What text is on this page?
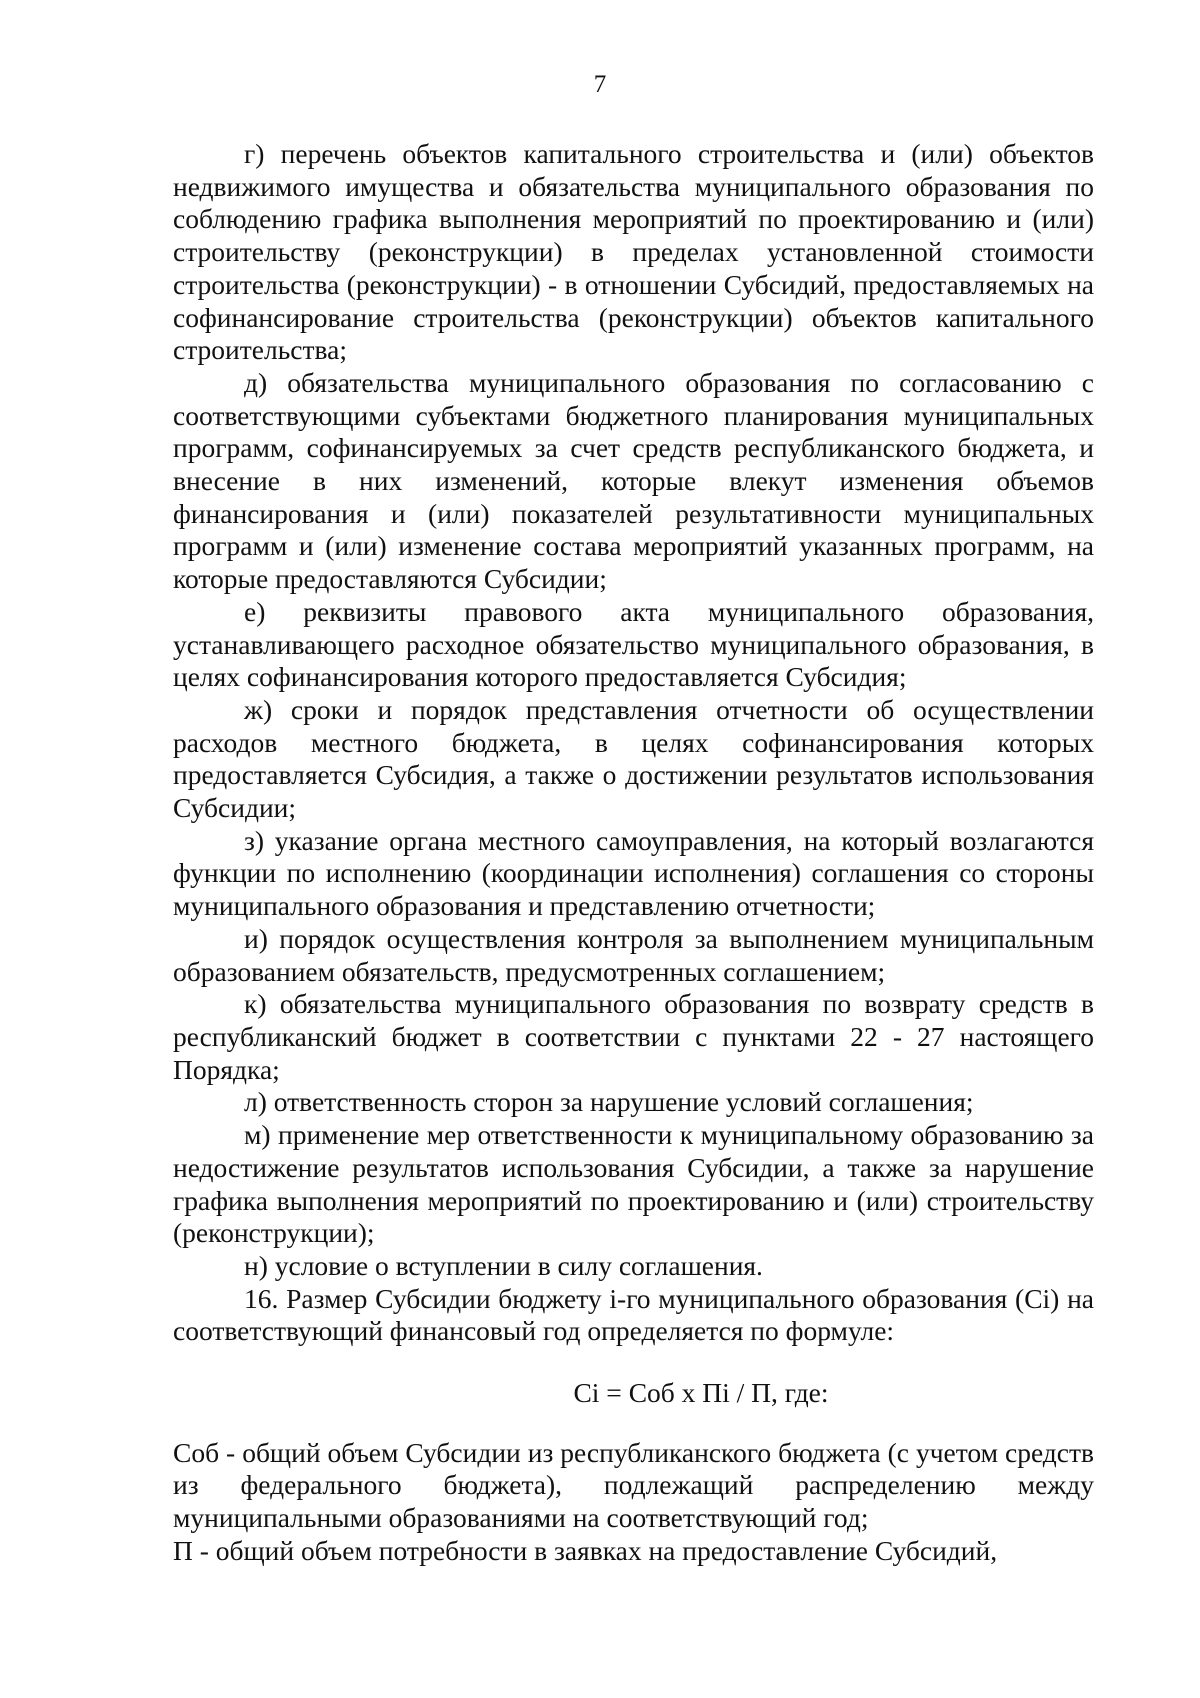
7

г) перечень объектов капитального строительства и (или) объектов недвижимого имущества и обязательства муниципального образования по соблюдению графика выполнения мероприятий по проектированию и (или) строительству (реконструкции) в пределах установленной стоимости строительства (реконструкции) - в отношении Субсидий, предоставляемых на софинансирование строительства (реконструкции) объектов капитального строительства;

д) обязательства муниципального образования по согласованию с соответствующими субъектами бюджетного планирования муниципальных программ, софинансируемых за счет средств республиканского бюджета, и внесение в них изменений, которые влекут изменения объемов финансирования и (или) показателей результативности муниципальных программ и (или) изменение состава мероприятий указанных программ, на которые предоставляются Субсидии;

е) реквизиты правового акта муниципального образования, устанавливающего расходное обязательство муниципального образования, в целях софинансирования которого предоставляется Субсидия;

ж) сроки и порядок представления отчетности об осуществлении расходов местного бюджета, в целях софинансирования которых предоставляется Субсидия, а также о достижении результатов использования Субсидии;

з) указание органа местного самоуправления, на который возлагаются функции по исполнению (координации исполнения) соглашения со стороны муниципального образования и представлению отчетности;

и) порядок осуществления контроля за выполнением муниципальным образованием обязательств, предусмотренных соглашением;

к) обязательства муниципального образования по возврату средств в республиканский бюджет в соответствии с пунктами 22 - 27 настоящего Порядка;

л) ответственность сторон за нарушение условий соглашения;

м) применение мер ответственности к муниципальному образованию за недостижение результатов использования Субсидии, а также за нарушение графика выполнения мероприятий по проектированию и (или) строительству (реконструкции);

н) условие о вступлении в силу соглашения.

16. Размер Субсидии бюджету i-го муниципального образования (Ci) на соответствующий финансовый год определяется по формуле:

Ci = Соб x Пi / П, где:

Соб - общий объем Субсидии из республиканского бюджета (с учетом средств из федерального бюджета), подлежащий распределению между муниципальными образованиями на соответствующий год;

П - общий объем потребности в заявках на предоставление Субсидий,
